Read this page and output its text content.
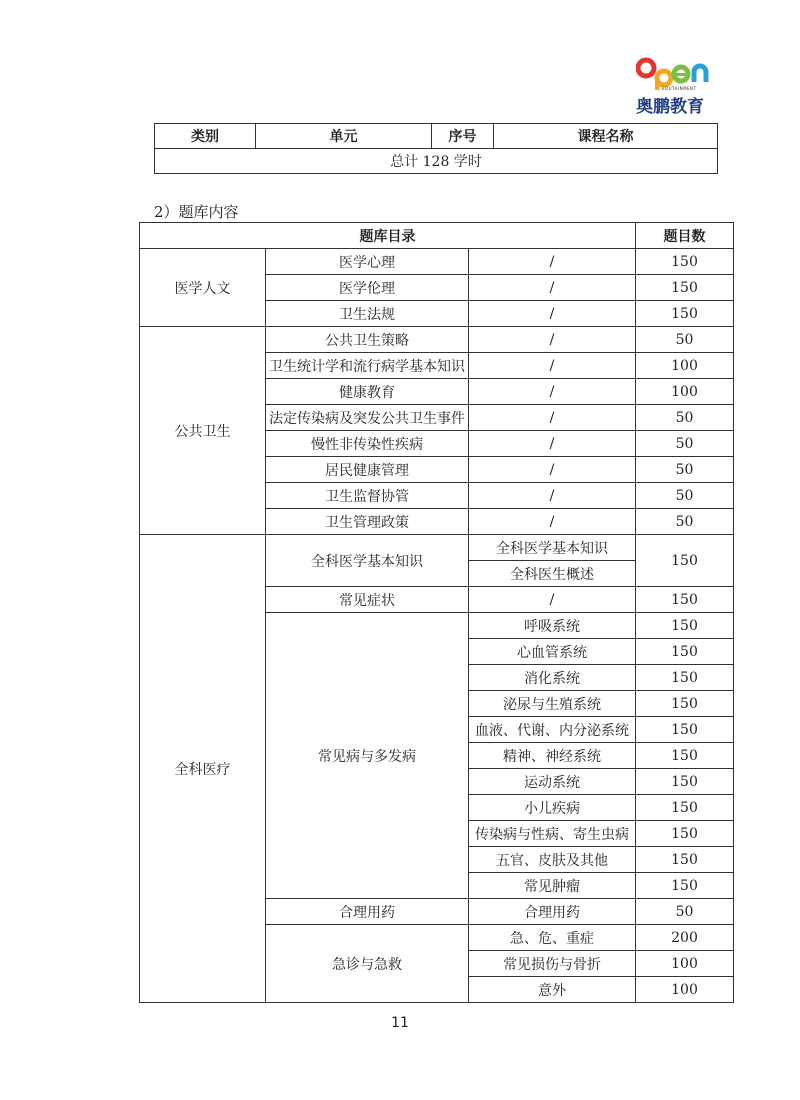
EDUTAINMENT
奥鹏教育
类别	单元	序号	课程名称
总计 128 学时
2）题库内容
题库目录			题目数
医学人文	医学心理	/	150
	医学伦理	/	150
	卫生法规	/	150
公共卫生	公共卫生策略	/	50
	卫生统计学和流行病学基本知识	/	100
	健康教育	/	100
	法定传染病及突发公共卫生事件	/	50
	慢性非传染性疾病	/	50
	居民健康管理	/	50
	卫生监督协管	/	50
	卫生管理政策	/	50
全科医疗	全科医学基本知识	全科医学基本知识	150
		全科医生概述	
	常见症状	/	150
	常见病与多发病	呼吸系统	150
		心血管系统	150
		消化系统	150
		泌尿与生殖系统	150
		血液、代谢、内分泌系统	150
		精神、神经系统	150
		运动系统	150
		小儿疾病	150
		传染病与性病、寄生虫病	150
		五官、皮肤及其他	150
		常见肿瘤	150
	合理用药	合理用药	50
	急诊与急救	急、危、重症	200
		常见损伤与骨折	100
		意外	100
11
